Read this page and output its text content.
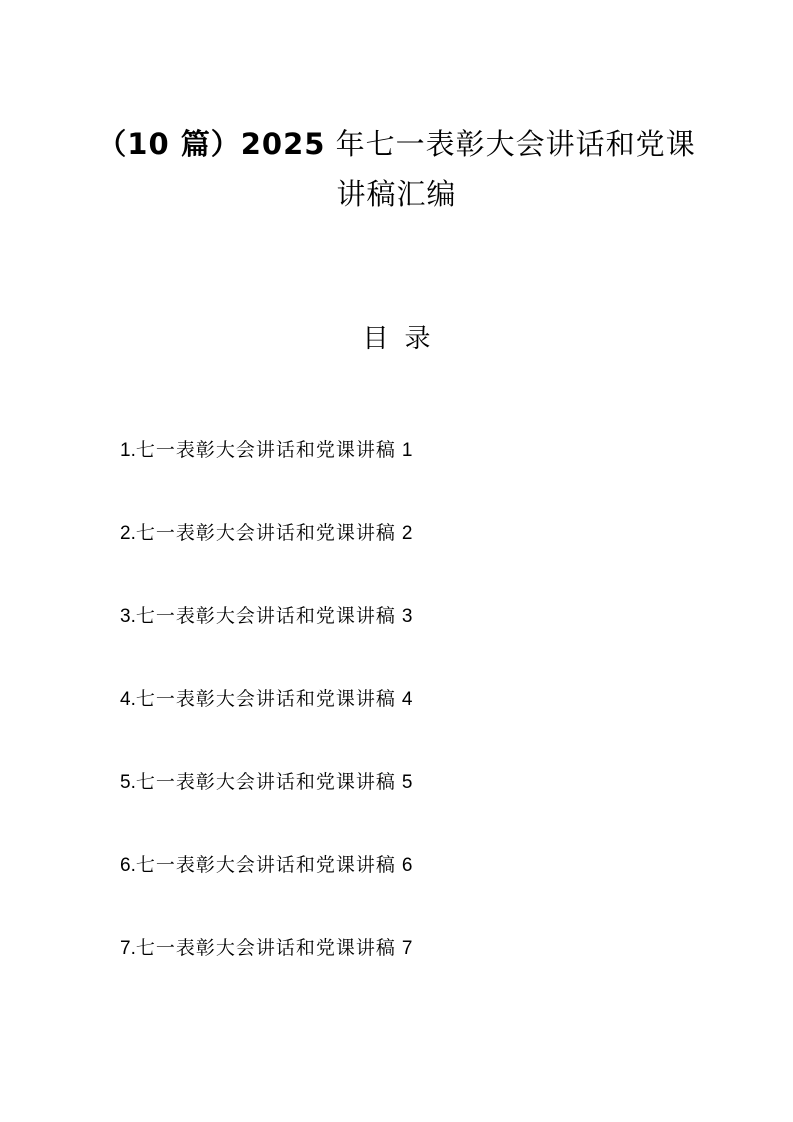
（10 篇）2025 年七一表彰大会讲话和党课
讲稿汇编
目录
1.七一表彰大会讲话和党课讲稿 1
2.七一表彰大会讲话和党课讲稿 2
3.七一表彰大会讲话和党课讲稿 3
4.七一表彰大会讲话和党课讲稿 4
5.七一表彰大会讲话和党课讲稿 5
6.七一表彰大会讲话和党课讲稿 6
7.七一表彰大会讲话和党课讲稿 7
